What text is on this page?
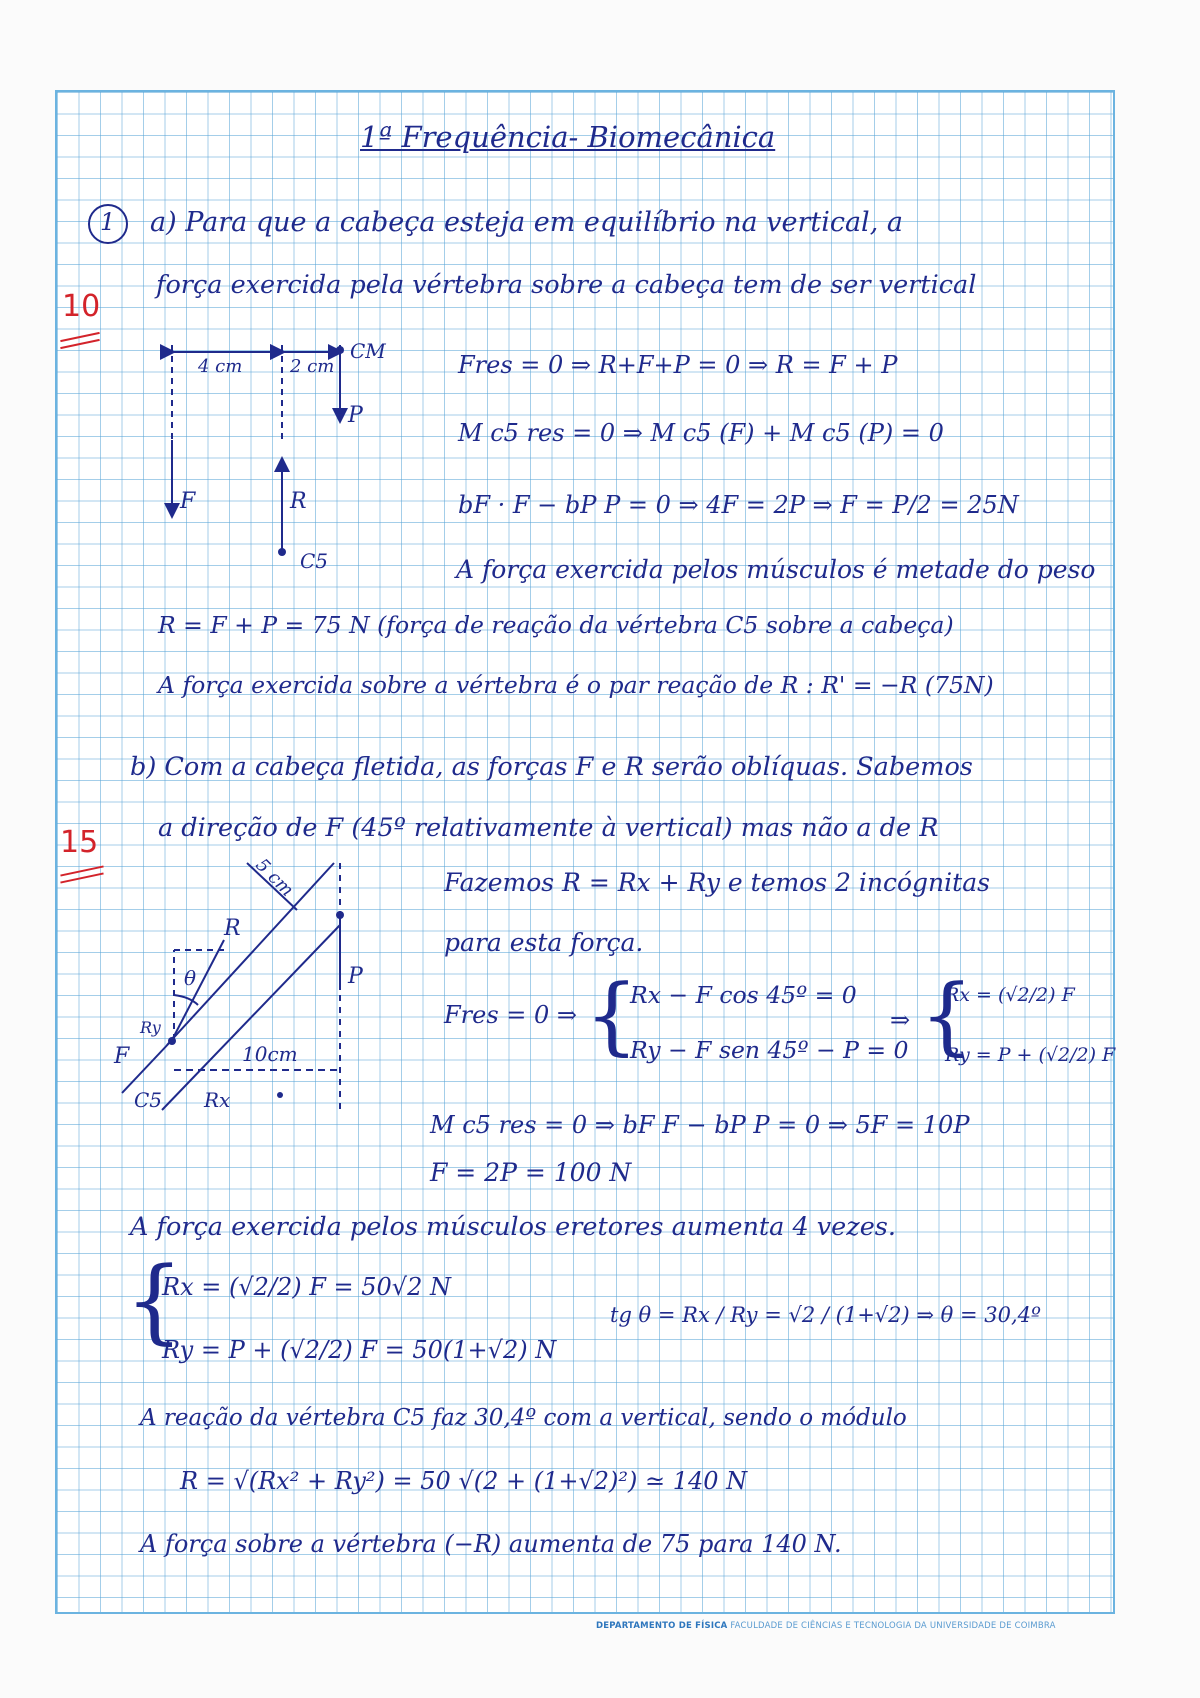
1ª Frequência- Biomecânica

1
10
15

a) Para que a cabeça esteja em equilíbrio na vertical, a

força exercida pela vértebra sobre a cabeça tem de ser vertical

4 cm	2 cm
CM
P
F	R
C5

Fres = 0 ⇒ R+F+P = 0 ⇒ R = F + P

M c5 res = 0 ⇒ M c5 (F) + M c5 (P) = 0

bF · F − bP P = 0 ⇒ 4F = 2P ⇒ F = P/2 = 25N

A força exercida pelos músculos é metade do peso

R = F + P = 75 N (força de reação da vértebra C5 sobre a cabeça)

A força exercida sobre a vértebra é o par reação de R : R' = −R (75N)

b) Com a cabeça fletida, as forças F e R serão oblíquas. Sabemos

a direção de F (45º relativamente à vertical) mas não a de R

Fazemos R = Rx + Ry e temos 2 incógnitas

para esta força.

5 cm
F
R
P
θ
Ry
10cm
C5 Rx

Fres = 0 ⇒ {

Rx − F cos 45º = 0

Ry − F sen 45º − P = 0

⇒ {

Rx = (√2/2) F

Ry = P + (√2/2) F

M c5 res = 0 ⇒ bF F − bP P = 0 ⇒ 5F = 10P

F = 2P = 100 N

A força exercida pelos músculos eretores aumenta 4 vezes.

{

Rx = (√2/2) F = 50√2 N

Ry = P + (√2/2) F = 50(1+√2) N

tg θ = Rx / Ry = √2 / (1+√2) ⇒ θ = 30,4º

A reação da vértebra C5 faz 30,4º com a vertical, sendo o módulo

R = √(Rx² + Ry²) = 50 √(2 + (1+√2)²) ≃ 140 N

A força sobre a vértebra (−R) aumenta de 75 para 140 N.

DEPARTAMENTO DE FÍSICA FACULDADE DE CIÊNCIAS E TECNOLOGIA DA UNIVERSIDADE DE COIMBRA
